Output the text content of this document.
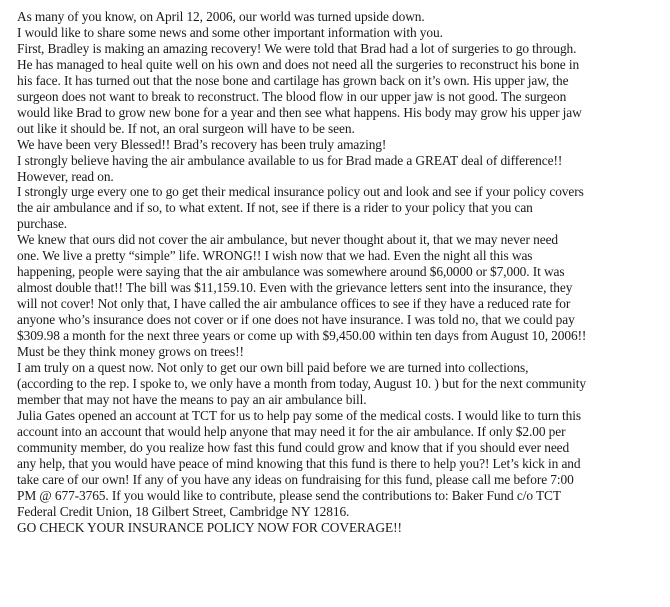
As many of you know, on April 12, 2006, our world was turned upside down.

I would like to share some news and some other important information with you.

First, Bradley is making an amazing recovery! We were told that Brad had a lot of surgeries to go through.

He has managed to heal quite well on his own and does not need all the surgeries to reconstruct his bone in

his face. It has turned out that the nose bone and cartilage has grown back on it’s own. His upper jaw, the

surgeon does not want to break to reconstruct. The blood flow in our upper jaw is not good. The surgeon

would like Brad to grow new bone for a year and then see what happens. His body may grow his upper jaw

out like it should be. If not, an oral surgeon will have to be seen.

We have been very Blessed!! Brad’s recovery has been truly amazing!

I strongly believe having the air ambulance available to us for Brad made a GREAT deal of difference!!

However, read on.

I strongly urge every one to go get their medical insurance policy out and look and see if your policy covers

the air ambulance and if so, to what extent. If not, see if there is a rider to your policy that you can

purchase.

We knew that ours did not cover the air ambulance, but never thought about it, that we may never need

one. We live a pretty “simple” life. WRONG!! I wish now that we had. Even the night all this was

happening, people were saying that the air ambulance was somewhere around $6,0000 or $7,000. It was

almost double that!! The bill was $11,159.10. Even with the grievance letters sent into the insurance, they

will not cover! Not only that, I have called the air ambulance offices to see if they have a reduced rate for

anyone who’s insurance does not cover or if one does not have insurance. I was told no, that we could pay

$309.98 a month for the next three years or come up with $9,450.00 within ten days from August 10, 2006!!

Must be they think money grows on trees!!

I am truly on a quest now. Not only to get our own bill paid before we are turned into collections,

(according to the rep. I spoke to, we only have a month from today, August 10. ) but for the next community

member that may not have the means to pay an air ambulance bill.

Julia Gates opened an account at TCT for us to help pay some of the medical costs. I would like to turn this

account into an account that would help anyone that may need it for the air ambulance. If only $2.00 per

community member, do you realize how fast this fund could grow and know that if you should ever need

any help, that you would have peace of mind knowing that this fund is there to help you?! Let’s kick in and

take care of our own! If any of you have any ideas on fundraising for this fund, please call me before 7:00

PM @ 677-3765. If you would like to contribute, please send the contributions to: Baker Fund c/o TCT

Federal Credit Union, 18 Gilbert Street, Cambridge NY 12816.

GO CHECK YOUR INSURANCE POLICY NOW FOR COVERAGE!!
